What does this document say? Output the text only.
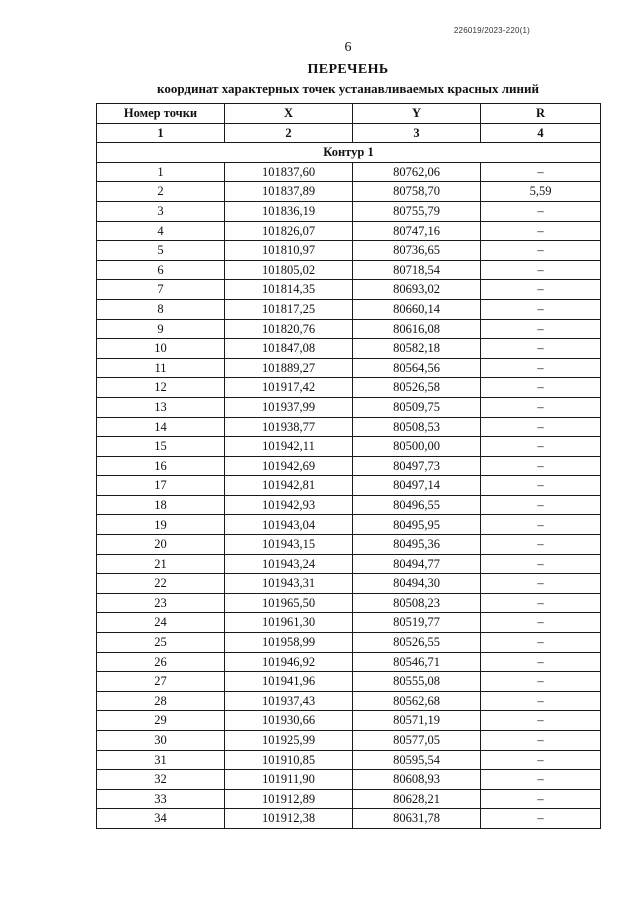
226019/2023-220(1)
6
ПЕРЕЧЕНЬ
координат характерных точек устанавливаемых красных линий
Номер точки	X	Y	R
1	2	3	4
Контур 1			
1	101837,60	80762,06	–
2	101837,89	80758,70	5,59
3	101836,19	80755,79	–
4	101826,07	80747,16	–
5	101810,97	80736,65	–
6	101805,02	80718,54	–
7	101814,35	80693,02	–
8	101817,25	80660,14	–
9	101820,76	80616,08	–
10	101847,08	80582,18	–
11	101889,27	80564,56	–
12	101917,42	80526,58	–
13	101937,99	80509,75	–
14	101938,77	80508,53	–
15	101942,11	80500,00	–
16	101942,69	80497,73	–
17	101942,81	80497,14	–
18	101942,93	80496,55	–
19	101943,04	80495,95	–
20	101943,15	80495,36	–
21	101943,24	80494,77	–
22	101943,31	80494,30	–
23	101965,50	80508,23	–
24	101961,30	80519,77	–
25	101958,99	80526,55	–
26	101946,92	80546,71	–
27	101941,96	80555,08	–
28	101937,43	80562,68	–
29	101930,66	80571,19	–
30	101925,99	80577,05	–
31	101910,85	80595,54	–
32	101911,90	80608,93	–
33	101912,89	80628,21	–
34	101912,38	80631,78	–
